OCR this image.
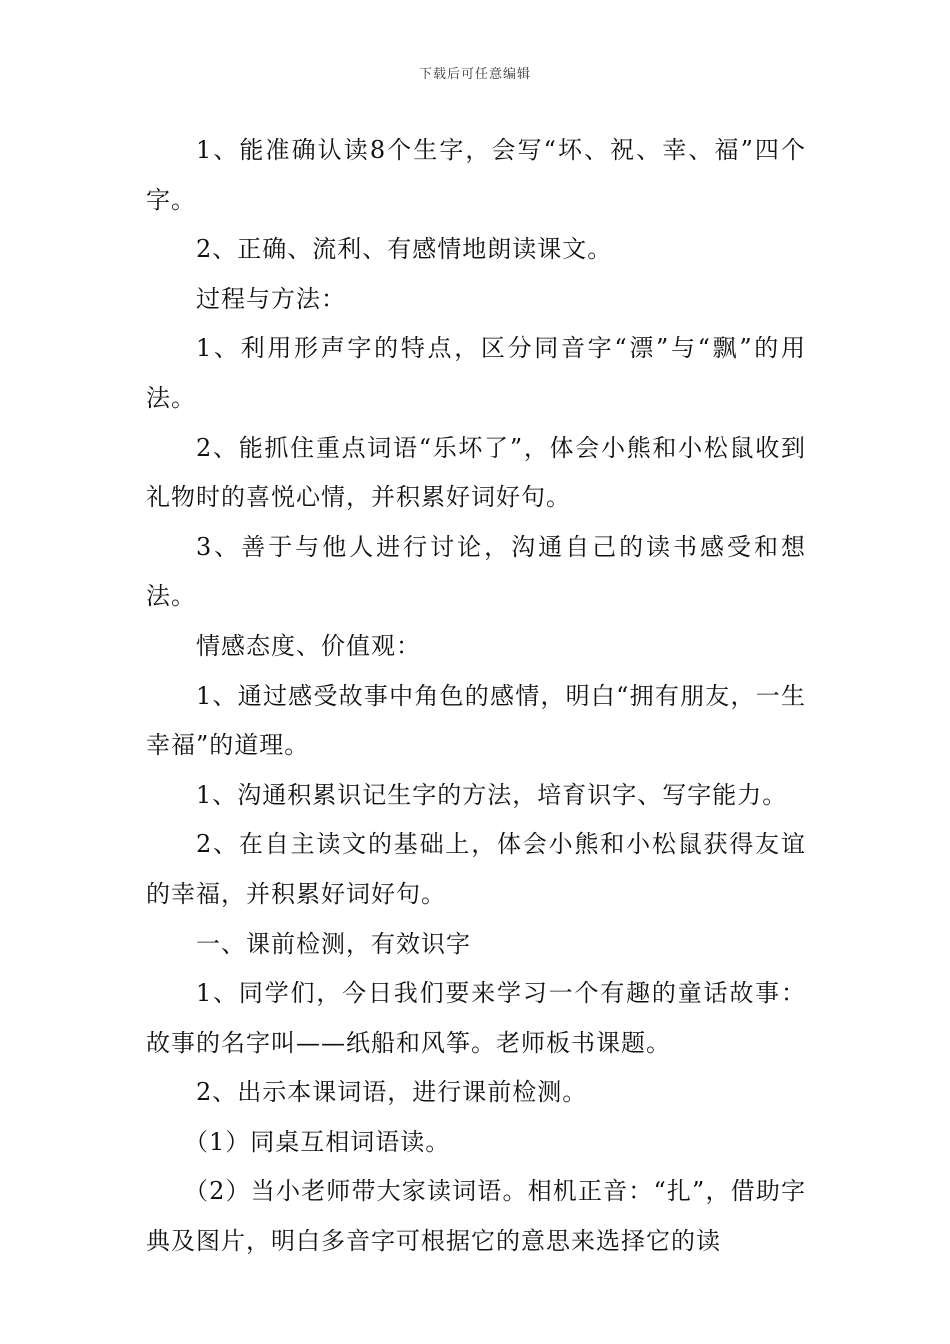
下载后可任意编辑

1、能准确认读8个生字，会写“坏、祝、幸、福”四个字。

2、正确、流利、有感情地朗读课文。

过程与方法：

1、利用形声字的特点，区分同音字“漂”与“飘”的用法。

2、能抓住重点词语“乐坏了”，体会小熊和小松鼠收到礼物时的喜悦心情，并积累好词好句。

3、善于与他人进行讨论，沟通自己的读书感受和想法。

情感态度、价值观：

1、通过感受故事中角色的感情，明白“拥有朋友，一生幸福”的道理。

1、沟通积累识记生字的方法，培育识字、写字能力。

2、在自主读文的基础上，体会小熊和小松鼠获得友谊的幸福，并积累好词好句。

一、课前检测，有效识字

1、同学们，今日我们要来学习一个有趣的童话故事：故事的名字叫——纸船和风筝。老师板书课题。

2、出示本课词语，进行课前检测。

（1）同桌互相词语读。

（2）当小老师带大家读词语。相机正音：“扎”，借助字典及图片，明白多音字可根据它的意思来选择它的读
